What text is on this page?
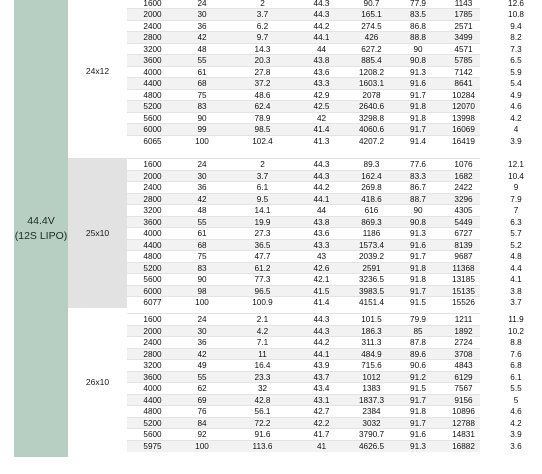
44.4V
(12S LIPO)
24x12
1600	24	2	44.3	90.7	77.9	1143	12.6
2000	30	3.7	44.3	165.1	83.5	1785	10.8
2400	36	6.2	44.2	274.5	86.8	2571	9.4
2800	42	9.7	44.1	426	88.8	3499	8.2
3200	48	14.3	44	627.2	90	4571	7.3
3600	55	20.3	43.8	885.4	90.8	5785	6.5
4000	61	27.8	43.6	1208.2	91.3	7142	5.9
4400	68	37.2	43.3	1603.1	91.6	8641	5.4
4800	75	48.6	42.9	2078	91.7	10284	4.9
5200	83	62.4	42.5	2640.6	91.8	12070	4.6
5600	90	78.9	42	3298.8	91.8	13998	4.2
6000	99	98.5	41.4	4060.6	91.7	16069	4
6065	100	102.4	41.3	4207.2	91.4	16419	3.9
25x10
1600	24	2	44.3	89.3	77.6	1076	12.1
2000	30	3.7	44.3	162.4	83.3	1682	10.4
2400	36	6.1	44.2	269.8	86.7	2422	9
2800	42	9.5	44.1	418.6	88.7	3296	7.9
3200	48	14.1	44	616	90	4305	7
3600	55	19.9	43.8	869.3	90.8	5449	6.3
4000	61	27.3	43.6	1186	91.3	6727	5.7
4400	68	36.5	43.3	1573.4	91.6	8139	5.2
4800	75	47.7	43	2039.2	91.7	9687	4.8
5200	83	61.2	42.6	2591	91.8	11368	4.4
5600	90	77.3	42.1	3236.5	91.8	13185	4.1
6000	98	96.5	41.5	3983.5	91.7	15135	3.8
6077	100	100.9	41.4	4151.4	91.5	15526	3.7
26x10
1600	24	2.1	44.3	101.5	79.9	1211	11.9
2000	30	4.2	44.3	186.3	85	1892	10.2
2400	36	7.1	44.2	311.3	87.8	2724	8.8
2800	42	11	44.1	484.9	89.6	3708	7.6
3200	49	16.4	43.9	715.6	90.6	4843	6.8
3600	55	23.3	43.7	1012	91.2	6129	6.1
4000	62	32	43.4	1383	91.5	7567	5.5
4400	69	42.8	43.1	1837.3	91.7	9156	5
4800	76	56.1	42.7	2384	91.8	10896	4.6
5200	84	72.2	42.2	3032	91.7	12788	4.2
5600	92	91.6	41.7	3790.7	91.6	14831	3.9
5975	100	113.6	41	4626.5	91.3	16882	3.6
